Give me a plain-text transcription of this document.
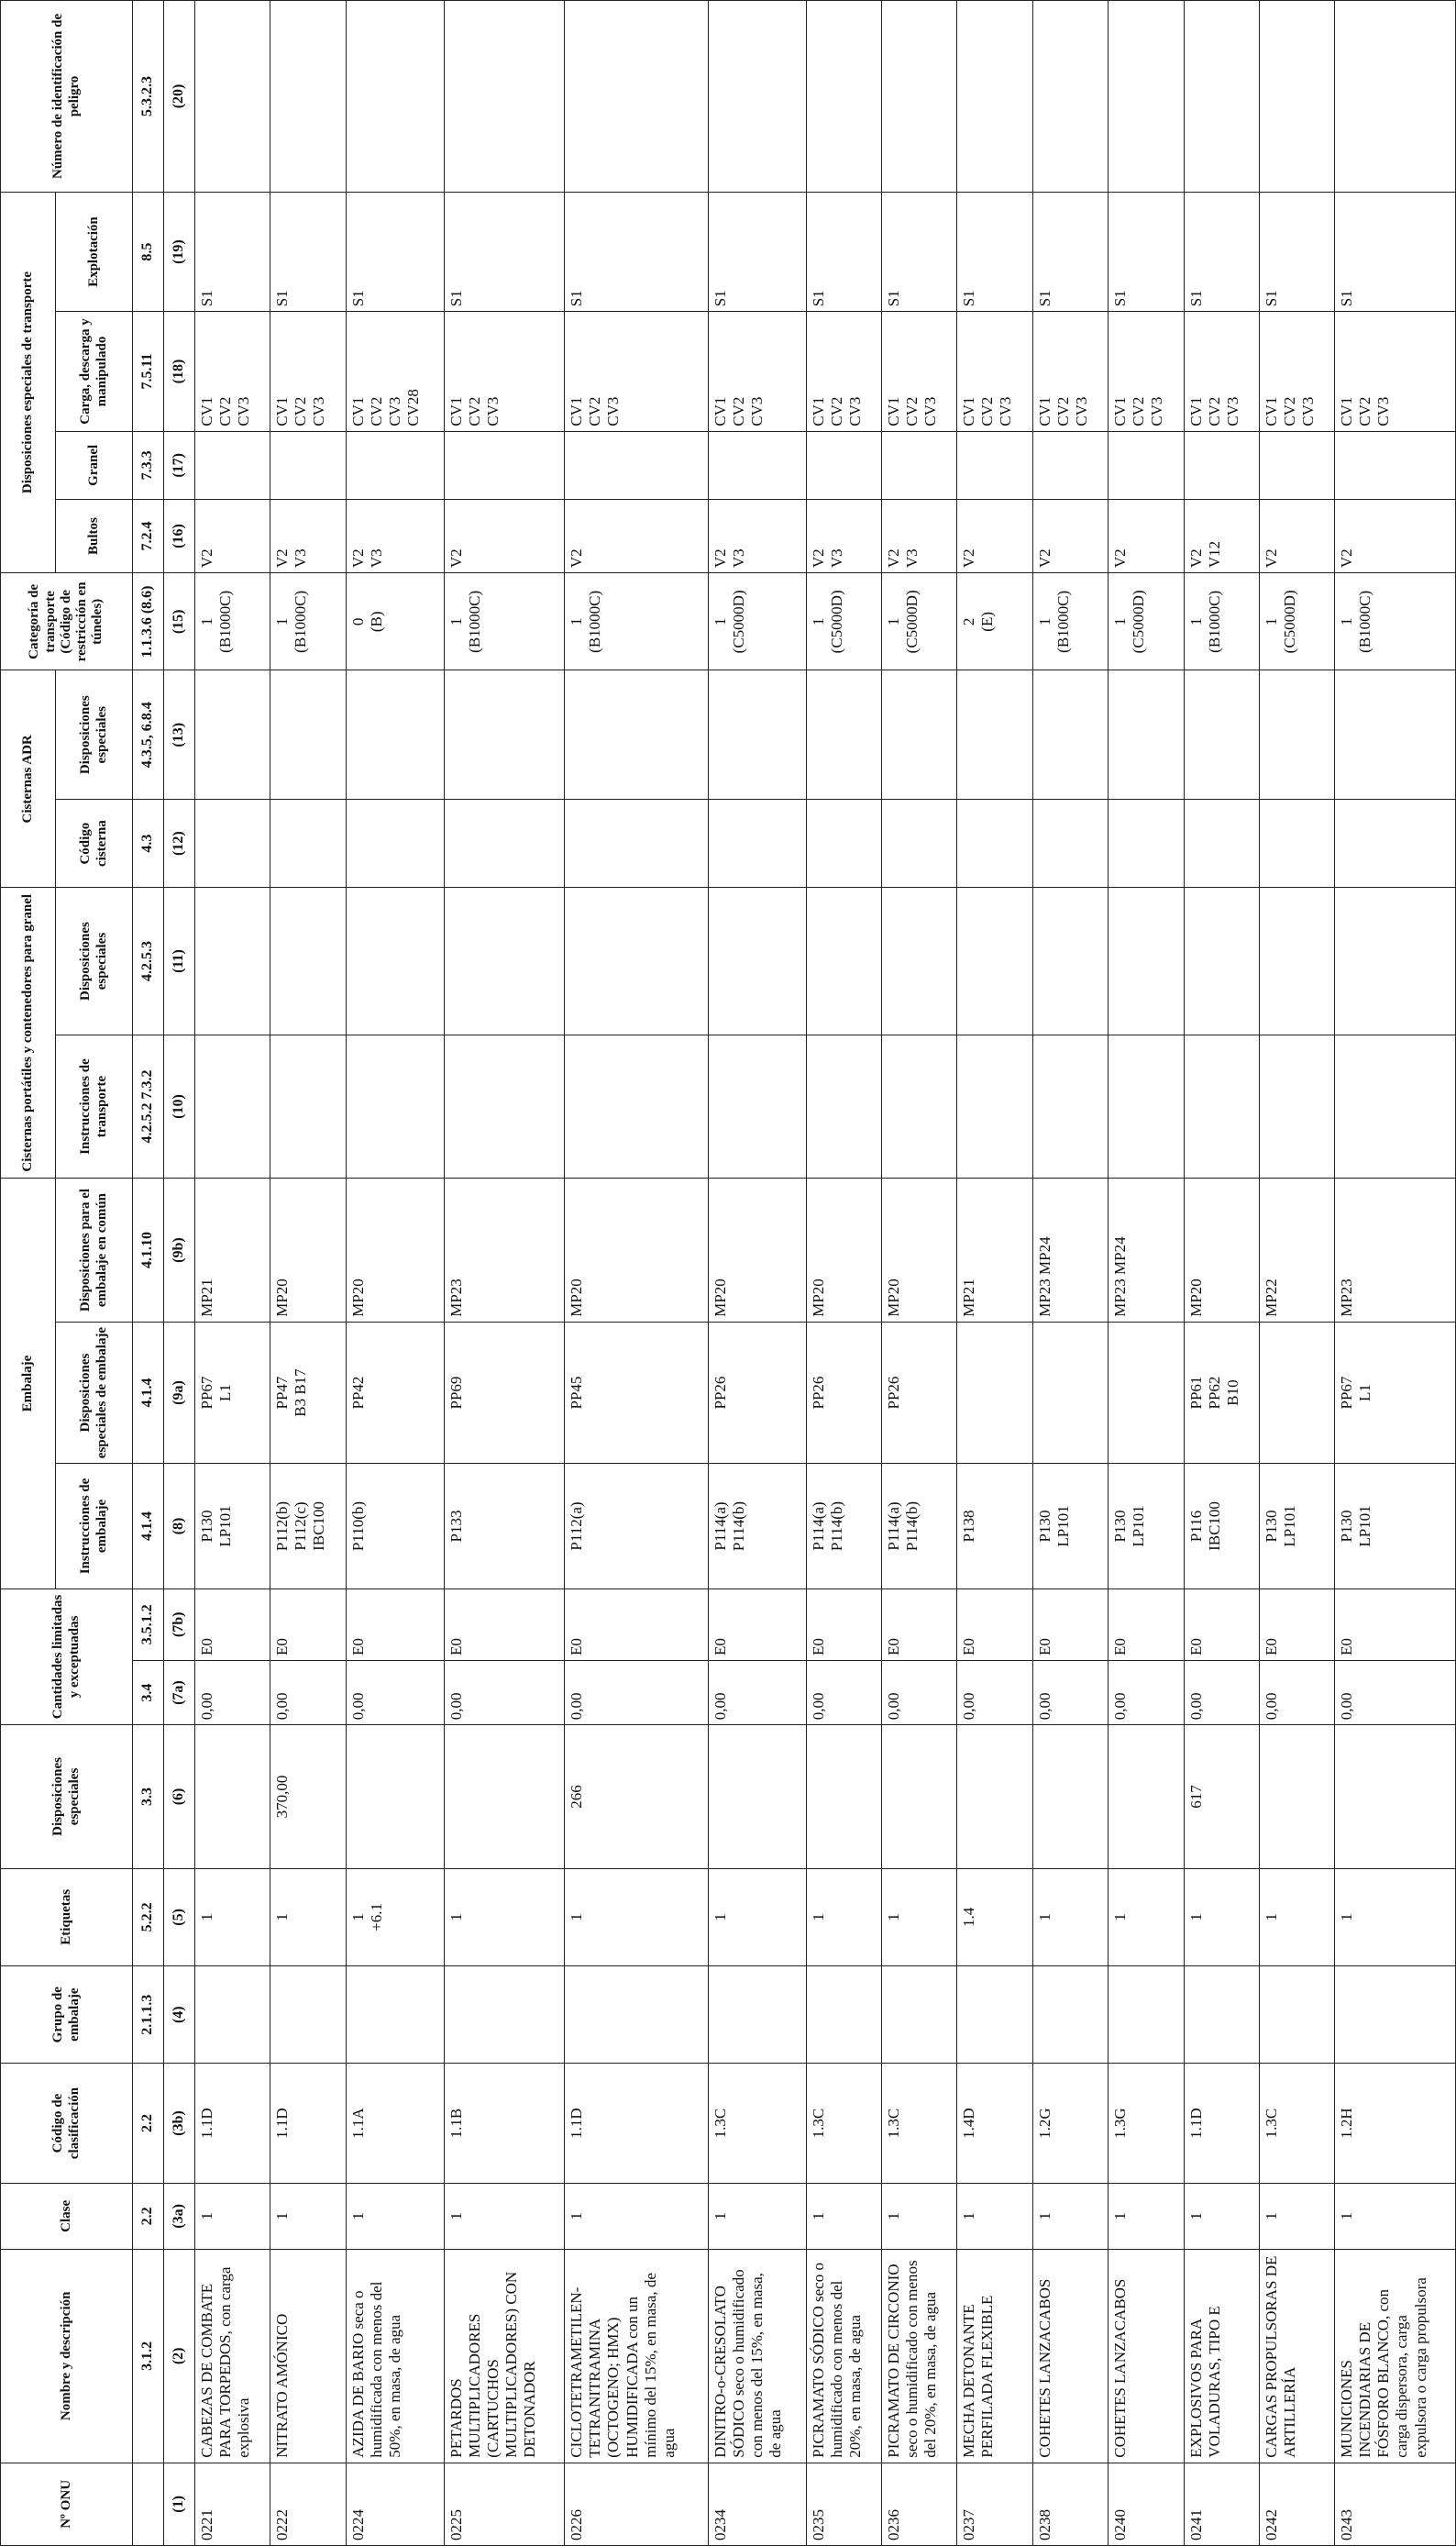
Nº ONU	Nombre y descripción	Clase	Código de clasificación	Grupo de embalaje	Etiquetas	Disposiciones especiales	Cantidades limitadas y exceptuadas		Embalaje			Cisternas portátiles y contenedores para granel		Cisternas ADR		Categoría de transporte (Código de restricción en túneles)	Disposiciones especiales de transporte				Número de identificación de peligro
									Instrucciones de embalaje	Disposiciones especiales de embalaje	Disposiciones para el embalaje en común	Instrucciones de transporte	Disposiciones especiales	Código cisterna	Disposiciones especiales		Bultos	Granel	Carga, descarga y manipulado	Explotación	
	3.1.2	2.2	2.2	2.1.1.3	5.2.2	3.3	3.4	3.5.1.2	4.1.4	4.1.4	4.1.10	4.2.5.2 7.3.2	4.2.5.3	4.3	4.3.5, 6.8.4	1.1.3.6 (8.6)	7.2.4	7.3.3	7.5.11	8.5	5.3.2.3
(1)	(2)	(3a)	(3b)	(4)	(5)	(6)	(7a)	(7b)	(8)	(9a)	(9b)	(10)	(11)	(12)	(13)	(15)	(16)	(17)	(18)	(19)	(20)
0221	CABEZAS DE COMBATE PARA TORPEDOS, con carga explosiva	1	1.1D		1		0,00	E0	P130 LP101	PP67 L1	MP21					1 (B1000C)	V2		CV1 CV2 CV3	S1	
0222	NITRATO AMÓNICO	1	1.1D		1	370,00	0,00	E0	P112(b) P112(c) IBC100	PP47 B3 B17	MP20					1 (B1000C)	V2 V3		CV1 CV2 CV3	S1	
0224	AZIDA DE BARIO seca o humidificada con menos del 50%, en masa, de agua	1	1.1A		1 +6.1		0,00	E0	P110(b)	PP42	MP20					0 (B)	V2 V3		CV1 CV2 CV3 CV28	S1	
0225	PETARDOS MULTIPLICADORES (CARTUCHOS MULTIPLICADORES) CON DETONADOR	1	1.1B		1		0,00	E0	P133	PP69	MP23					1 (B1000C)	V2		CV1 CV2 CV3	S1	
0226	CICLOTETRAMETILEN-TETRANITRAMINA (OCTOGENO; HMX) HUMIDIFICADA con un mínimo del 15%, en masa, de agua	1	1.1D		1	266	0,00	E0	P112(a)	PP45	MP20					1 (B1000C)	V2		CV1 CV2 CV3	S1	
0234	DINITRO-o-CRESOLATO SÓDICO seco o humidificado con menos del 15%, en masa, de agua	1	1.3C		1		0,00	E0	P114(a) P114(b)	PP26	MP20					1 (C5000D)	V2 V3		CV1 CV2 CV3	S1	
0235	PICRAMATO SÓDICO seco o humidificado con menos del 20%, en masa, de agua	1	1.3C		1		0,00	E0	P114(a) P114(b)	PP26	MP20					1 (C5000D)	V2 V3		CV1 CV2 CV3	S1	
0236	PICRAMATO DE CIRCONIO seco o humidificado con menos del 20%, en masa, de agua	1	1.3C		1		0,00	E0	P114(a) P114(b)	PP26	MP20					1 (C5000D)	V2 V3		CV1 CV2 CV3	S1	
0237	MECHA DETONANTE PERFILADA FLEXIBLE	1	1.4D		1.4		0,00	E0	P138		MP21					2 (E)	V2		CV1 CV2 CV3	S1	
0238	COHETES LANZACABOS	1	1.2G		1		0,00	E0	P130 LP101		MP23 MP24					1 (B1000C)	V2		CV1 CV2 CV3	S1	
0240	COHETES LANZACABOS	1	1.3G		1		0,00	E0	P130 LP101		MP23 MP24					1 (C5000D)	V2		CV1 CV2 CV3	S1	
0241	EXPLOSIVOS PARA VOLADURAS, TIPO E	1	1.1D		1	617	0,00	E0	P116 IBC100	PP61 PP62 B10	MP20					1 (B1000C)	V2 V12		CV1 CV2 CV3	S1	
0242	CARGAS PROPULSORAS DE ARTILLERÍA	1	1.3C		1		0,00	E0	P130 LP101		MP22					1 (C5000D)	V2		CV1 CV2 CV3	S1	
0243	MUNICIONES INCENDIARIAS DE FÓSFORO BLANCO, con carga dispersora, carga expulsora o carga propulsora	1	1.2H		1		0,00	E0	P130 LP101	PP67 L1	MP23					1 (B1000C)	V2		CV1 CV2 CV3	S1	
